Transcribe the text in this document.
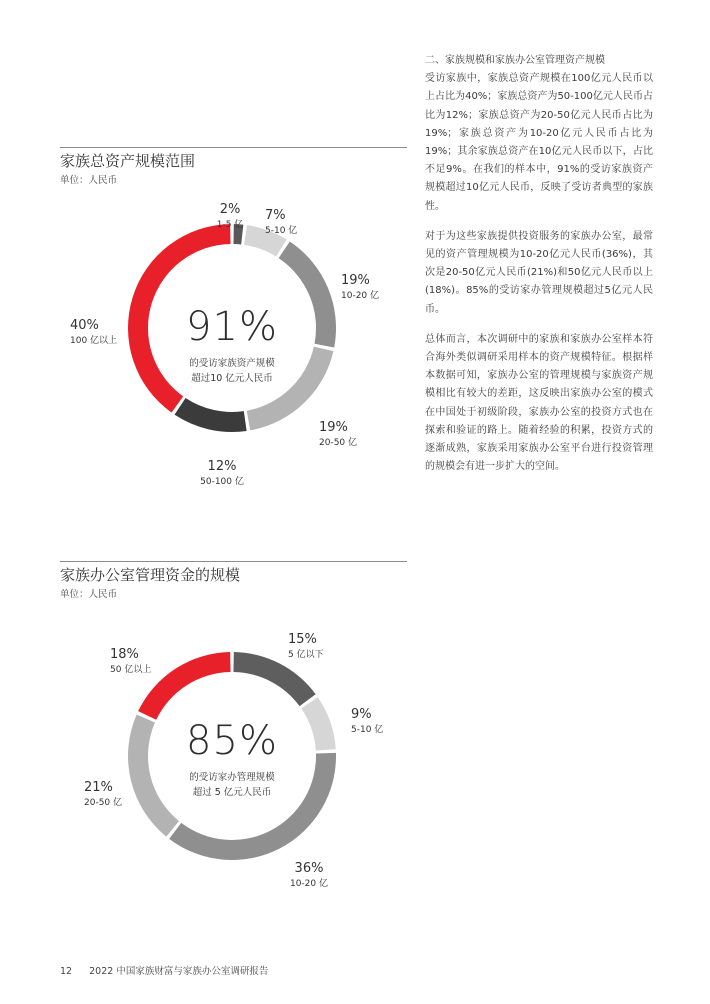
家族总资产规模范围
单位：人民币
91%
的受访家族资产规模
超过10 亿元人民币
2%
1-5 亿
7%
5-10 亿
19%
10-20 亿
19%
20-50 亿
12%
50-100 亿
40%
100 亿以上
家族办公室管理资金的规模
单位：人民币
85%
的受访家办管理规模
超过 5 亿元人民币
15%
5 亿以下
9%
5-10 亿
36%
10-20 亿
21%
20-50 亿
18%
50 亿以上
二、家族规模和家族办公室管理资产规模

受访家族中，家族总资产规模在100亿元人民币以上占比为40%；家族总资产为50-100亿元人民币占比为12%；家族总资产为20-50亿元人民币占比为19%；家族总资产为10-20亿元人民币占比为19%；其余家族总资产在10亿元人民币以下，占比不足9%。在我们的样本中，91%的受访家族资产规模超过10亿元人民币，反映了受访者典型的家族性。

对于为这些家族提供投资服务的家族办公室，最常见的资产管理规模为10-20亿元人民币(36%)，其次是20-50亿元人民币(21%)和50亿元人民币以上(18%)。85%的受访家办管理规模超过5亿元人民币。

总体而言，本次调研中的家族和家族办公室样本符合海外类似调研采用样本的资产规模特征。根据样本数据可知，家族办公室的管理规模与家族资产规模相比有较大的差距，这反映出家族办公室的模式在中国处于初级阶段，家族办公室的投资方式也在探索和验证的路上。随着经验的积累，投资方式的逐渐成熟，家族采用家族办公室平台进行投资管理的规模会有进一步扩大的空间。

12 2022 中国家族财富与家族办公室调研报告
